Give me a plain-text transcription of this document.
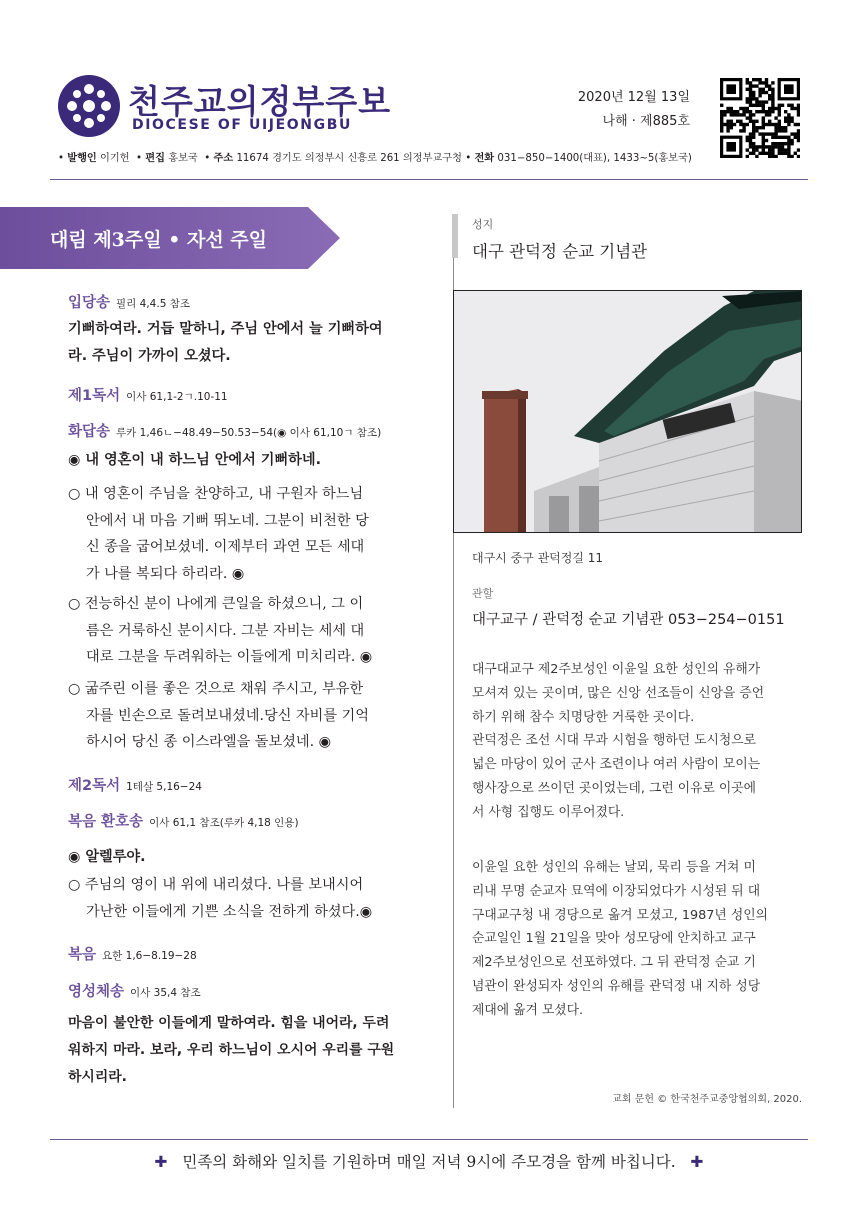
천주교의정부주보
DIOCESE OF UIJEONGBU
2020년 12월 13일
나해 · 제885호
• 발행인 이기헌  • 편집 홍보국  • 주소 11674 경기도 의정부시 신흥로 261 의정부교구청 • 전화 031−850−1400(대표), 1433~5(홍보국)
대림 제3주일 • 자선 주일
입당송 필리 4,4.5 참조
기뻐하여라. 거듭 말하니, 주님 안에서 늘 기뻐하여
라. 주님이 가까이 오셨다.
제1독서 이사 61,1-2ㄱ.10-11
화답송 루카 1,46ㄴ−48.49−50.53−54(◉ 이사 61,10ㄱ 참조)
◉ 내 영혼이 내 하느님 안에서 기뻐하네.
○ 내 영혼이 주님을 찬양하고, 내 구원자 하느님
안에서 내 마음 기뻐 뛰노네. 그분이 비천한 당
신 종을 굽어보셨네. 이제부터 과연 모든 세대
가 나를 복되다 하리라. ◉
○ 전능하신 분이 나에게 큰일을 하셨으니, 그 이
름은 거룩하신 분이시다. 그분 자비는 세세 대
대로 그분을 두려워하는 이들에게 미치리라. ◉
○ 굶주린 이를 좋은 것으로 채워 주시고, 부유한
자를 빈손으로 돌려보내셨네.당신 자비를 기억
하시어 당신 종 이스라엘을 돌보셨네. ◉
제2독서 1테살 5,16−24
복음 환호송 이사 61,1 참조(루카 4,18 인용)
◉ 알렐루야.
○ 주님의 영이 내 위에 내리셨다. 나를 보내시어
가난한 이들에게 기쁜 소식을 전하게 하셨다.◉
복음 요한 1,6−8.19−28
영성체송 이사 35,4 참조
마음이 불안한 이들에게 말하여라. 힘을 내어라, 두려
워하지 마라. 보라, 우리 하느님이 오시어 우리를 구원
하시리라.
성지
대구 관덕정 순교 기념관
대구시 중구 관덕정길 11
관할
대구교구 / 관덕정 순교 기념관 053−254−0151
대구대교구 제2주보성인 이윤일 요한 성인의 유해가
모셔져 있는 곳이며, 많은 신앙 선조들이 신앙을 증언
하기 위해 참수 치명당한 거룩한 곳이다.
관덕정은 조선 시대 무과 시험을 행하던 도시청으로
넓은 마당이 있어 군사 조련이나 여러 사람이 모이는
행사장으로 쓰이던 곳이었는데, 그런 이유로 이곳에
서 사형 집행도 이루어졌다.
이윤일 요한 성인의 유해는 날뫼, 묵리 등을 거쳐 미
리내 무명 순교자 묘역에 이장되었다가 시성된 뒤 대
구대교구청 내 경당으로 옮겨 모셨고, 1987년 성인의
순교일인 1월 21일을 맞아 성모당에 안치하고 교구
제2주보성인으로 선포하였다. 그 뒤 관덕정 순교 기
념관이 완성되자 성인의 유해를 관덕정 내 지하 성당
제대에 옮겨 모셨다.
교회 문헌 © 한국천주교중앙협의회, 2020.
✚ 민족의 화해와 일치를 기원하며 매일 저녁 9시에 주모경을 함께 바칩니다. ✚
